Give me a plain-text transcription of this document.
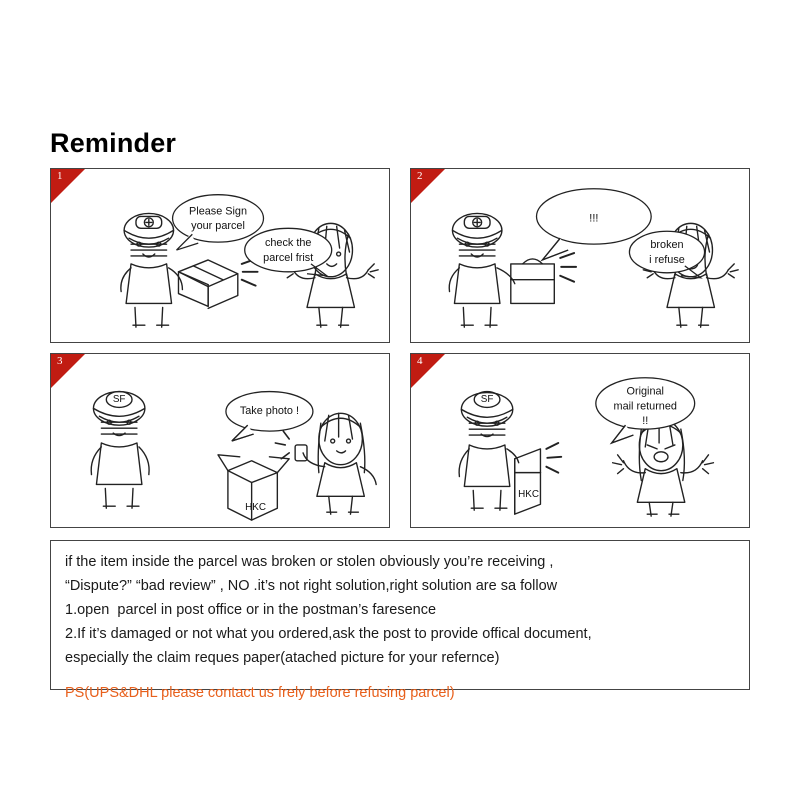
Reminder
1
Please Sign
your parcel
check the
parcel frist
2
!!!
broken
i refuse
3
SF
HKC
Take photo !
4
SF
HKC
Original
mail returned
!!

if the item inside the parcel was broken or stolen obviously you’re receiving ,

“Dispute?” “bad review” , NO .it’s not right solution,right solution are sa follow

1.open  parcel in post office or in the postman’s faresence

2.If it’s damaged or not what you ordered,ask the post to provide offical document,

especially the claim reques paper(atached picture for your refernce)

PS(UPS&DHL please contact us frely before refusing parcel)
